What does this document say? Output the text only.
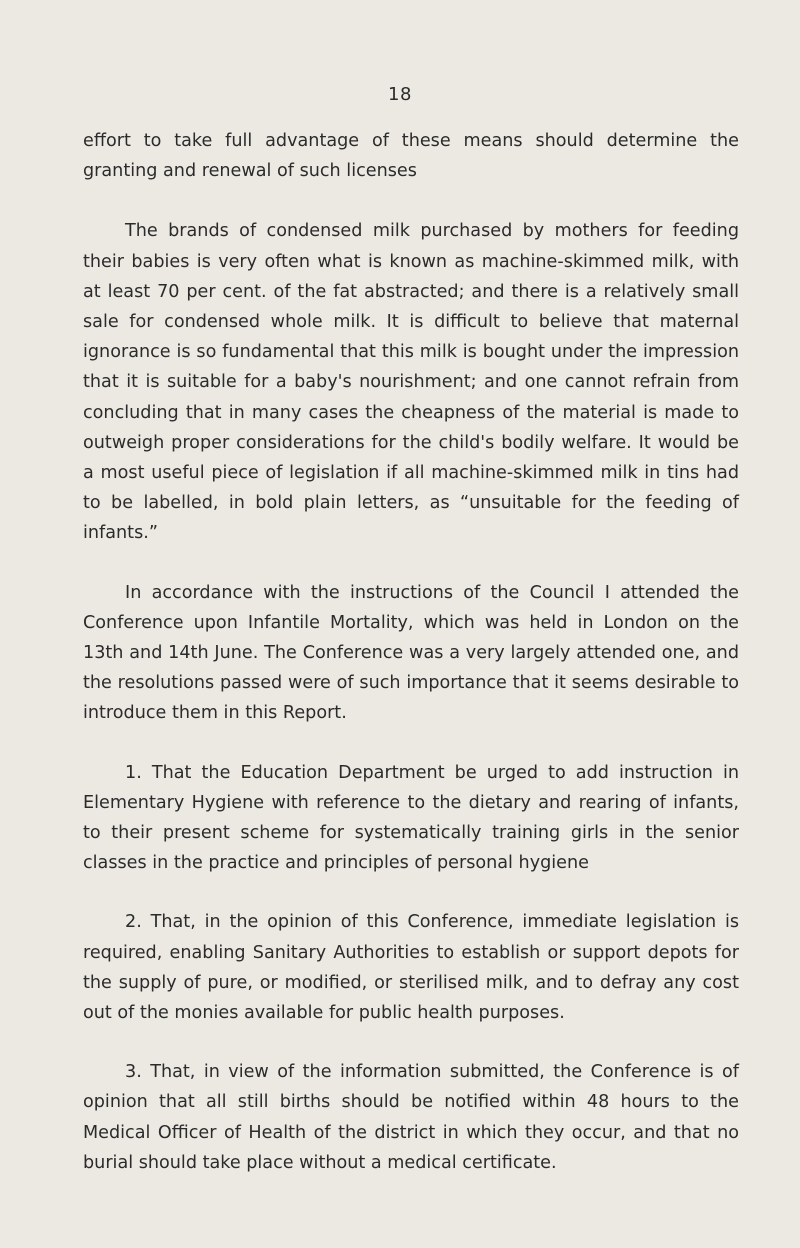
18

effort to take full advantage of these means should determine the granting and renewal of such licenses

The brands of condensed milk purchased by mothers for feeding their babies is very often what is known as machine-skimmed milk, with at least 70 per cent. of the fat abstracted; and there is a relatively small sale for condensed whole milk. It is difficult to believe that maternal ignorance is so fundamental that this milk is bought under the impression that it is suitable for a baby's nourishment; and one cannot refrain from concluding that in many cases the cheapness of the material is made to outweigh proper considerations for the child's bodily welfare. It would be a most useful piece of legislation if all machine-skimmed milk in tins had to be labelled, in bold plain letters, as “unsuitable for the feeding of infants.”

In accordance with the instructions of the Council I attended the Conference upon Infantile Mortality, which was held in London on the 13th and 14th June. The Conference was a very largely attended one, and the resolutions passed were of such importance that it seems desirable to introduce them in this Report.

1. That the Education Department be urged to add instruction in Elementary Hygiene with reference to the dietary and rearing of infants, to their present scheme for systematically training girls in the senior classes in the practice and principles of personal hygiene

2. That, in the opinion of this Conference, immediate legislation is required, enabling Sanitary Authorities to establish or support depots for the supply of pure, or modified, or sterilised milk, and to defray any cost out of the monies available for public health purposes.

3. That, in view of the information submitted, the Conference is of opinion that all still births should be notified within 48 hours to the Medical Officer of Health of the district in which they occur, and that no burial should take place without a medical certificate.
